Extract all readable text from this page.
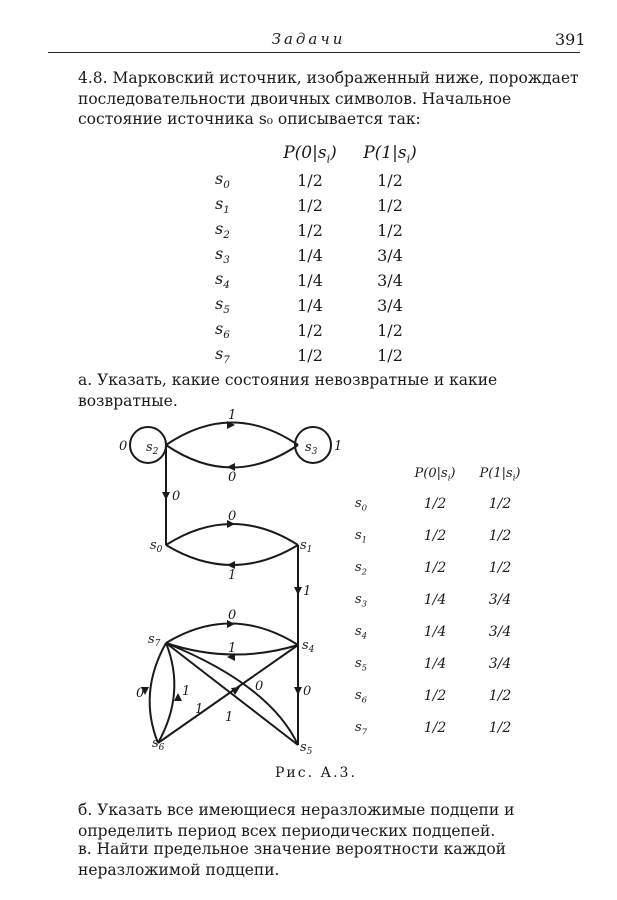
Задачи	391
4.8. Марковский источник, изображенный ниже, порождает последовательности двоичных символов. Начальное состояние источника s₀ описывается так:
	$P(0|s_i)$	$P(1|s_i)$
$s_0$	1/2	1/2
$s_1$	1/2	1/2
$s_2$	1/2	1/2
$s_3$	1/4	3/4
$s_4$	1/4	3/4
$s_5$	1/4	3/4
$s_6$	1/2	1/2
$s_7$	1/2	1/2
а. Указать, какие состояния невозвратные и какие возвратные.
$s_2$	$s_3$
$s_0$	$s_1$
$s_7$	$s_4$
$s_6$	$s_5$
1
0
0	1
0
0
1
1
0
1
0	1	0
1
1
0
	$P(0|s_i)$	$P(1|s_i)$
$s_0$	1/2	1/2
$s_1$	1/2	1/2
$s_2$	1/2	1/2
$s_3$	1/4	3/4
$s_4$	1/4	3/4
$s_5$	1/4	3/4
$s_6$	1/2	1/2
$s_7$	1/2	1/2
Рис. А.3.
б. Указать все имеющиеся неразложимые подцепи и определить период всех периодических подцепей.
в. Найти предельное значение вероятности каждой неразложимой подцепи.
